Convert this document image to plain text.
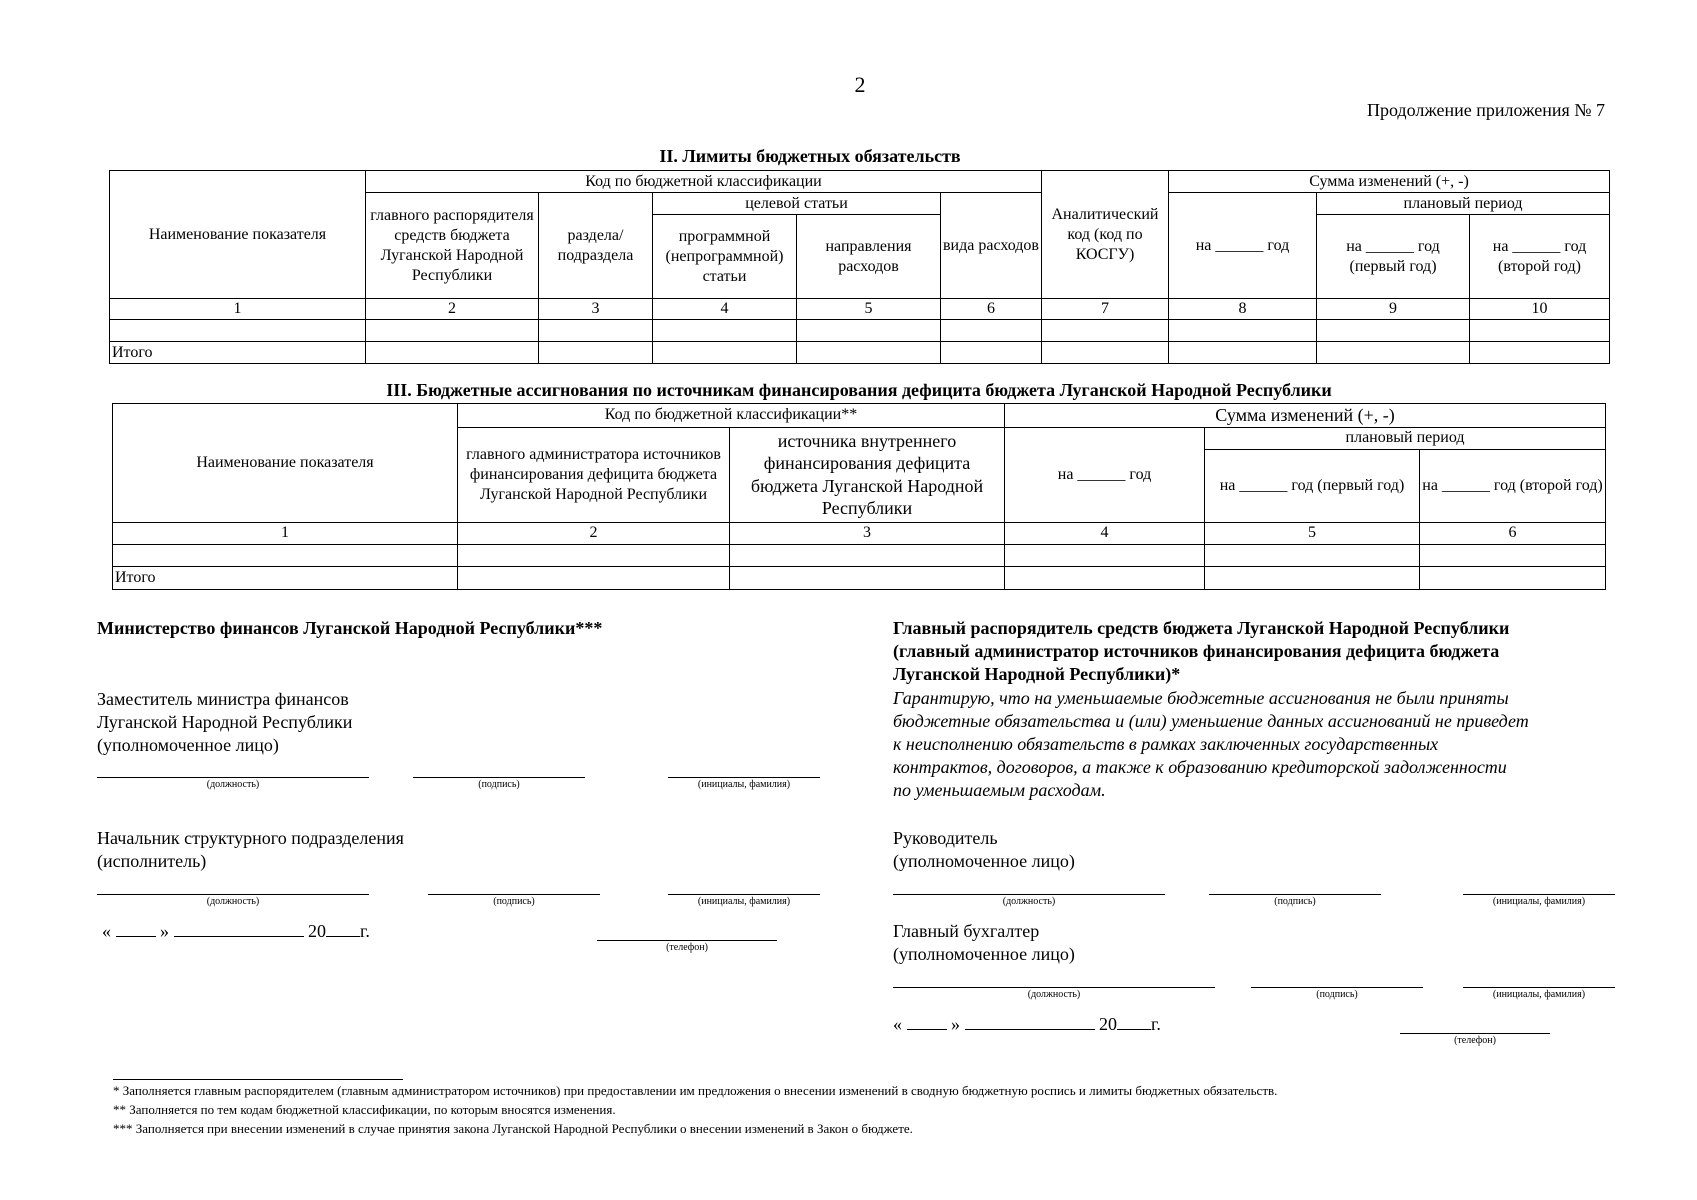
2
Продолжение приложения № 7
II. Лимиты бюджетных обязательств
Наименование показателя	Код по бюджетной классификации					Аналитический код (код по КОСГУ)	Сумма изменений (+, -)		
	главного распорядителя средств бюджета Луганской Народной Республики	раздела/ подраздела	целевой статьи		вида расходов		на ______ год	плановый период	
			программной (непрограммной) статьи	направления расходов				на ______ год (первый год)	на ______ год (второй год)
1	2	3	4	5	6	7	8	9	10

Итого									
III. Бюджетные ассигнования по источникам финансирования дефицита бюджета Луганской Народной Республики
Наименование показателя	Код по бюджетной классификации**		Сумма изменений (+, -)		
	главного администратора источников финансирования дефицита бюджета Луганской Народной Республики	источника внутреннего финансирования дефицита бюджета Луганской Народной Республики	на ______ год	плановый период	
				на ______ год (первый год)	на ______ год (второй год)
1	2	3	4	5	6

Итого					
Министерство финансов Луганской Народной Республики***
Заместитель министра финансов
Луганской Народной Республики
(уполномоченное лицо)
(должность)	(подпись)	(инициалы, фамилия)
Начальник структурного подразделения
(исполнитель)
(должность)	(подпись)	(инициалы, фамилия)
«	»	20 г.
(телефон)
Главный распорядитель средств бюджета Луганской Народной Республики
(главный администратор источников финансирования дефицита бюджета
Луганской Народной Республики)*
Гарантирую, что на уменьшаемые бюджетные ассигнования не были приняты
бюджетные обязательства и (или) уменьшение данных ассигнований не приведет
к неисполнению обязательств в рамках заключенных государственных
контрактов, договоров, а также к образованию кредиторской задолженности
по уменьшаемым расходам.
Руководитель
(уполномоченное лицо)
(должность)	(подпись)	(инициалы, фамилия)
Главный бухгалтер
(уполномоченное лицо)
(должность)	(подпись)	(инициалы, фамилия)
«	»	20 г.
(телефон)
* Заполняется главным распорядителем (главным администратором источников) при предоставлении им предложения о внесении изменений в сводную бюджетную роспись и лимиты бюджетных обязательств.
** Заполняется по тем кодам бюджетной классификации, по которым вносятся изменения.
*** Заполняется при внесении изменений в случае принятия закона Луганской Народной Республики о внесении изменений в Закон о бюджете.
